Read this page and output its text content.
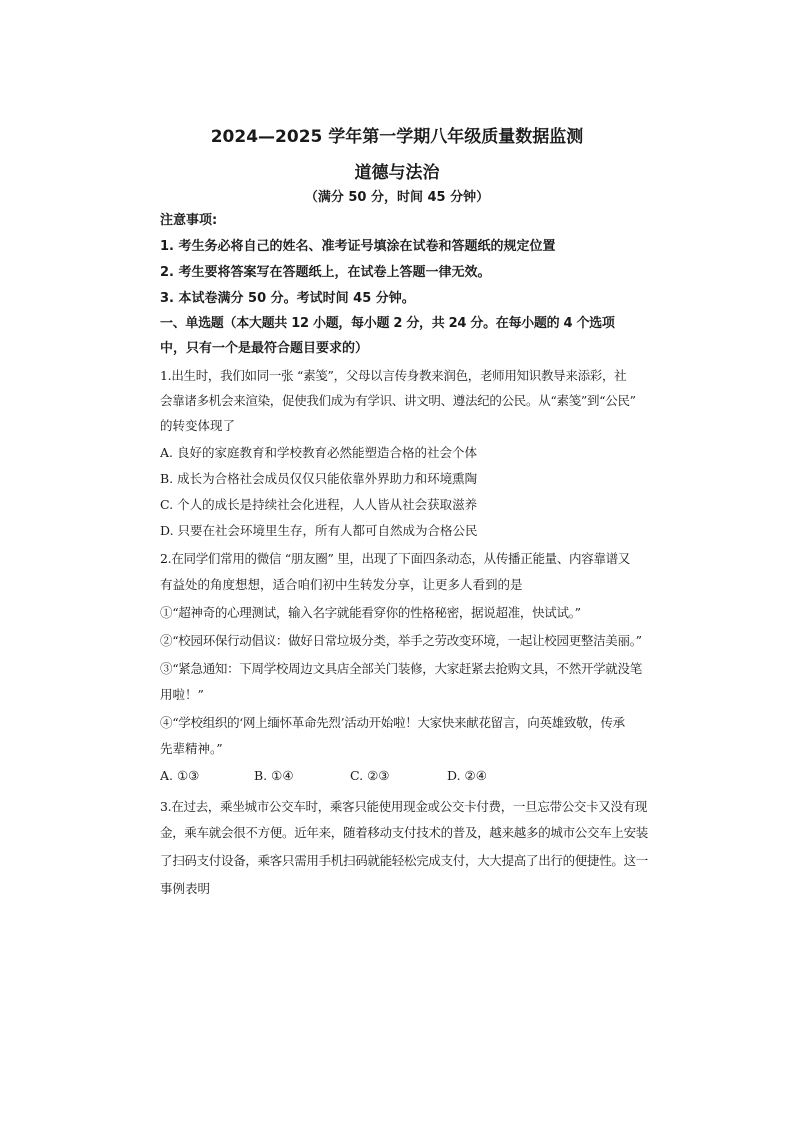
2024—2025 学年第一学期八年级质量数据监测
道德与法治
（满分 50 分，时间 45 分钟）
注意事项:
1. 考生务必将自己的姓名、准考证号填涂在试卷和答题纸的规定位置
2. 考生要将答案写在答题纸上，在试卷上答题一律无效。
3. 本试卷满分 50 分。考试时间 45 分钟。
一、单选题（本大题共 12 小题，每小题 2 分，共 24 分。在每小题的 4 个选项
中，只有一个是最符合题目要求的）
1.出生时，我们如同一张 “素笺”，父母以言传身教来润色，老师用知识教导来添彩，社
会靠诸多机会来渲染，促使我们成为有学识、讲文明、遵法纪的公民。从“素笺”到“公民”
的转变体现了
A. 良好的家庭教育和学校教育必然能塑造合格的社会个体
B. 成长为合格社会成员仅仅只能依靠外界助力和环境熏陶
C. 个人的成长是持续社会化进程，人人皆从社会获取滋养
D. 只要在社会环境里生存，所有人都可自然成为合格公民
2.在同学们常用的微信 “朋友圈” 里，出现了下面四条动态，从传播正能量、内容靠谱又
有益处的角度想想，适合咱们初中生转发分享，让更多人看到的是
①“超神奇的心理测试，输入名字就能看穿你的性格秘密，据说超准，快试试。”
②“校园环保行动倡议：做好日常垃圾分类，举手之劳改变环境，一起让校园更整洁美丽。”
③“紧急通知：下周学校周边文具店全部关门装修，大家赶紧去抢购文具，不然开学就没笔
用啦！”
④“学校组织的‘网上缅怀革命先烈’活动开始啦！大家快来献花留言，向英雄致敬，传承
先辈精神。”
A. ①③	B. ①④	C. ②③	D. ②④
3.在过去，乘坐城市公交车时，乘客只能使用现金或公交卡付费，一旦忘带公交卡又没有现
金，乘车就会很不方便。近年来，随着移动支付技术的普及，越来越多的城市公交车上安装
了扫码支付设备，乘客只需用手机扫码就能轻松完成支付，大大提高了出行的便捷性。这一
事例表明
